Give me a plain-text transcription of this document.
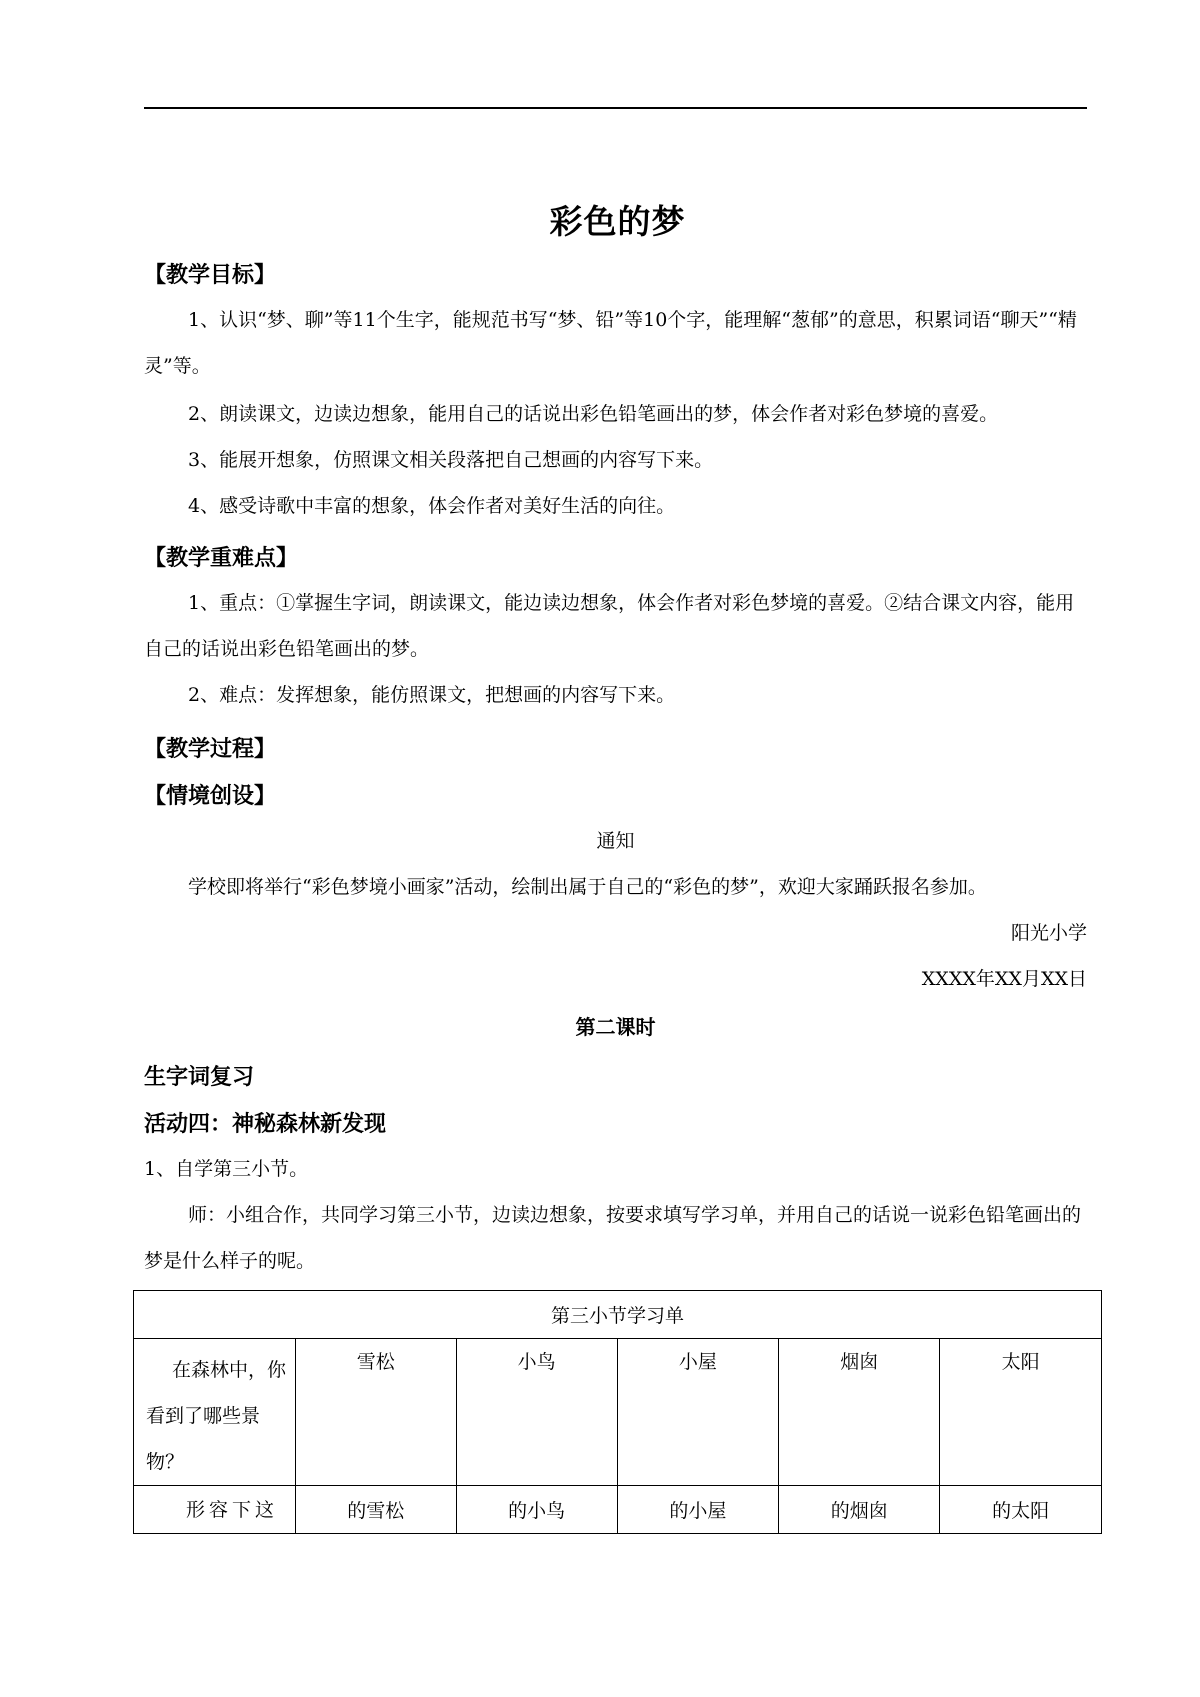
彩色的梦
【教学目标】
1、认识“梦、聊”等11个生字，能规范书写“梦、铅”等10个字，能理解“葱郁”的意思，积累词语“聊天”“精灵”等。
2、朗读课文，边读边想象，能用自己的话说出彩色铅笔画出的梦，体会作者对彩色梦境的喜爱。
3、能展开想象，仿照课文相关段落把自己想画的内容写下来。
4、感受诗歌中丰富的想象，体会作者对美好生活的向往。
【教学重难点】
1、重点：①掌握生字词，朗读课文，能边读边想象，体会作者对彩色梦境的喜爱。②结合课文内容，能用自己的话说出彩色铅笔画出的梦。
2、难点：发挥想象，能仿照课文，把想画的内容写下来。
【教学过程】
【情境创设】
通知
学校即将举行“彩色梦境小画家”活动，绘制出属于自己的“彩色的梦”，欢迎大家踊跃报名参加。
阳光小学
XXXX年XX月XX日
第二课时
生字词复习
活动四：神秘森林新发现
1、自学第三小节。
师：小组合作，共同学习第三小节，边读边想象，按要求填写学习单，并用自己的话说一说彩色铅笔画出的梦是什么样子的呢。
第三小节学习单					

在森林中，你看到了哪些景物？	雪松	小鸟	小屋	烟囱	太阳

形容下这	的雪松	的小鸟	的小屋	的烟囱	的太阳
